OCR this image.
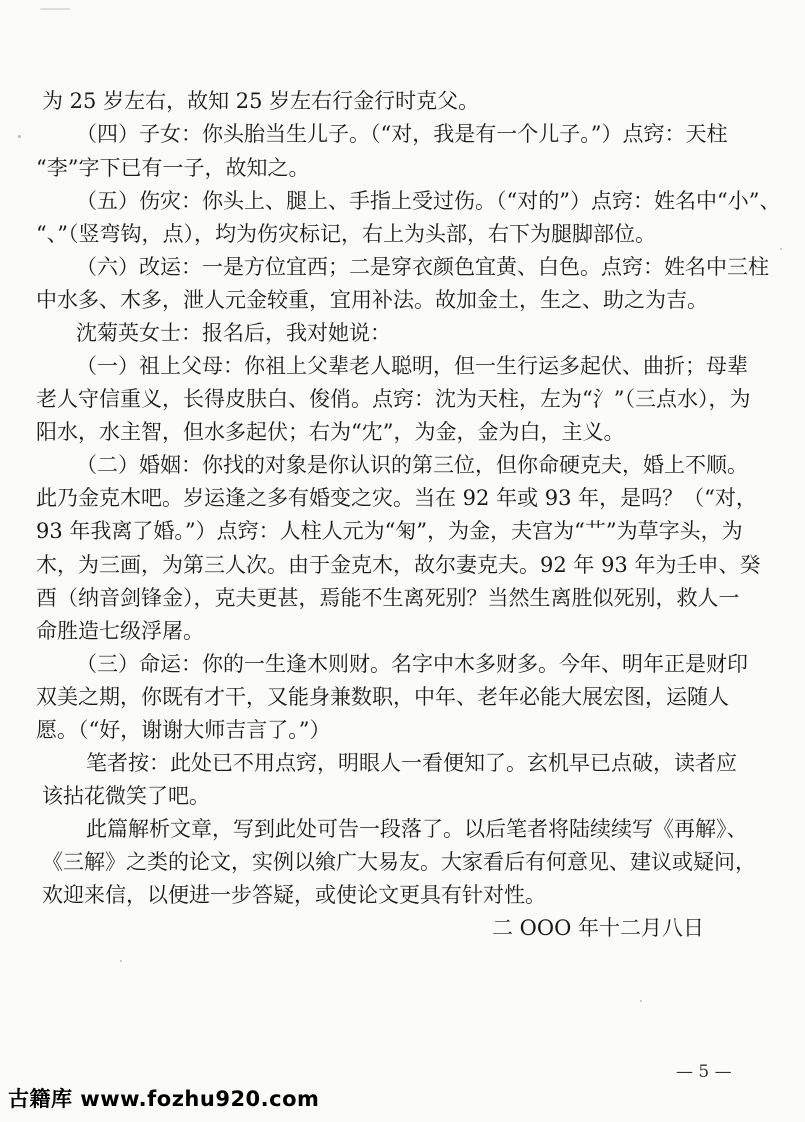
为 25 岁左右，故知 25 岁左右行金行时克父。
（四）子女：你头胎当生儿子。（“对，我是有一个儿子。”）点窍：天柱
“李”字下已有一子，故知之。
（五）伤灾：你头上、腿上、手指上受过伤。（“对的”）点窍：姓名中“小”、
“、”（竖弯钩，点），均为伤灾标记，右上为头部，右下为腿脚部位。
（六）改运：一是方位宜西；二是穿衣颜色宜黄、白色。点窍：姓名中三柱
中水多、木多，泄人元金较重，宜用补法。故加金土，生之、助之为吉。
沈菊英女士：报名后，我对她说：
（一）祖上父母：你祖上父辈老人聪明，但一生行运多起伏、曲折；母辈
老人守信重义，长得皮肤白、俊俏。点窍：沈为天柱，左为“氵”（三点水），为
阳水，水主智，但水多起伏；右为“冘”，为金，金为白，主义。
（二）婚姻：你找的对象是你认识的第三位，但你命硬克夫，婚上不顺。
此乃金克木吧。岁运逢之多有婚变之灾。当在 92 年或 93 年，是吗？（“对，
93 年我离了婚。”）点窍：人柱人元为“匊”，为金，夫宫为“艹”为草字头，为
木，为三画，为第三人次。由于金克木，故尔妻克夫。92 年 93 年为壬申、癸
酉（纳音剑锋金），克夫更甚，焉能不生离死别？当然生离胜似死别，救人一
命胜造七级浮屠。
（三）命运：你的一生逢木则财。名字中木多财多。今年、明年正是财印
双美之期，你既有才干，又能身兼数职，中年、老年必能大展宏图，运随人
愿。（“好，谢谢大师吉言了。”）
笔者按：此处已不用点窍，明眼人一看便知了。玄机早已点破，读者应
该拈花微笑了吧。
此篇解析文章，写到此处可告一段落了。以后笔者将陆续续写《再解》、
《三解》之类的论文，实例以飨广大易友。大家看后有何意见、建议或疑问，
欢迎来信，以便进一步答疑，或使论文更具有针对性。
二 OOO 年十二月八日
— 5 —
古籍库 www.fozhu920.com
